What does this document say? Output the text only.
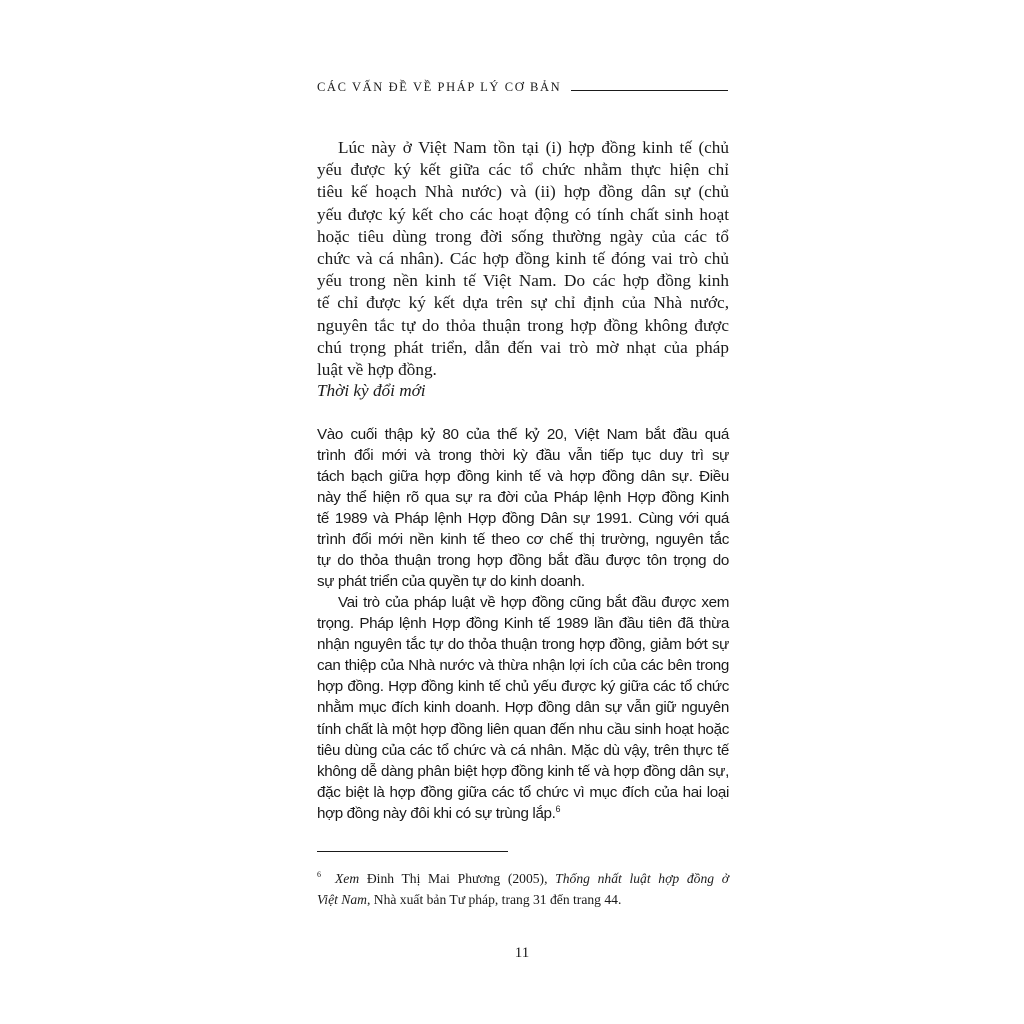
CÁC VẤN ĐỀ VỀ PHÁP LÝ CƠ BẢN
Lúc này ở Việt Nam tồn tại (i) hợp đồng kinh tế (chủ
yếu được ký kết giữa các tổ chức nhằm thực hiện chỉ
tiêu kế hoạch Nhà nước) và (ii) hợp đồng dân sự (chủ
yếu được ký kết cho các hoạt động có tính chất sinh hoạt
hoặc tiêu dùng trong đời sống thường ngày của các tổ
chức và cá nhân). Các hợp đồng kinh tế đóng vai trò chủ
yếu trong nền kinh tế Việt Nam. Do các hợp đồng kinh
tế chỉ được ký kết dựa trên sự chỉ định của Nhà nước,
nguyên tắc tự do thỏa thuận trong hợp đồng không được
chú trọng phát triển, dẫn đến vai trò mờ nhạt của pháp
luật về hợp đồng.

Thời kỳ đổi mới

Vào cuối thập kỷ 80 của thế kỷ 20, Việt Nam bắt đầu quá
trình đổi mới và trong thời kỳ đầu vẫn tiếp tục duy trì sự
tách bạch giữa hợp đồng kinh tế và hợp đồng dân sự. Điều
này thể hiện rõ qua sự ra đời của Pháp lệnh Hợp đồng Kinh
tế 1989 và Pháp lệnh Hợp đồng Dân sự 1991. Cùng với quá
trình đổi mới nền kinh tế theo cơ chế thị trường, nguyên tắc
tự do thỏa thuận trong hợp đồng bắt đầu được tôn trọng do
sự phát triển của quyền tự do kinh doanh.
Vai trò của pháp luật về hợp đồng cũng bắt đầu được xem
trọng. Pháp lệnh Hợp đồng Kinh tế 1989 lần đầu tiên đã thừa
nhận nguyên tắc tự do thỏa thuận trong hợp đồng, giảm bớt sự
can thiệp của Nhà nước và thừa nhận lợi ích của các bên trong
hợp đồng. Hợp đồng kinh tế chủ yếu được ký giữa các tổ chức
nhằm mục đích kinh doanh. Hợp đồng dân sự vẫn giữ nguyên
tính chất là một hợp đồng liên quan đến nhu cầu sinh hoạt hoặc
tiêu dùng của các tổ chức và cá nhân. Mặc dù vậy, trên thực tế
không dễ dàng phân biệt hợp đồng kinh tế và hợp đồng dân sự,
đặc biệt là hợp đồng giữa các tổ chức vì mục đích của hai loại
hợp đồng này đôi khi có sự trùng lắp.$^6$
$^6$ Xem Đinh Thị Mai Phương (2005), Thống nhất luật hợp đồng ở
Việt Nam, Nhà xuất bản Tư pháp, trang 31 đến trang 44.

11
